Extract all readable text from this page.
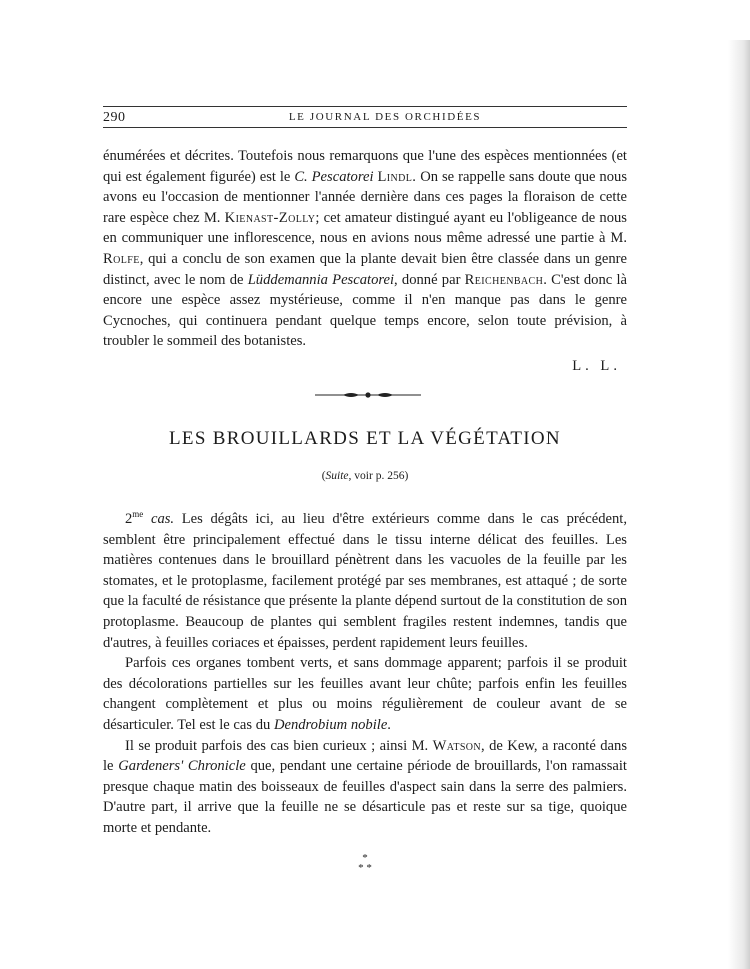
290	LE JOURNAL DES ORCHIDÉES

énumérées et décrites. Toutefois nous remarquons que l'une des espèces mentionnées (et qui est également figurée) est le C. Pescatorei Lindl. On se rappelle sans doute que nous avons eu l'occasion de mentionner l'année dernière dans ces pages la floraison de cette rare espèce chez M. Kienast-Zolly; cet amateur distingué ayant eu l'obligeance de nous en communiquer une inflorescence, nous en avions nous même adressé une partie à M. Rolfe, qui a conclu de son examen que la plante devait bien être classée dans un genre distinct, avec le nom de Lüddemannia Pescatorei, donné par Reichenbach. C'est donc là encore une espèce assez mystérieuse, comme il n'en manque pas dans le genre Cycnoches, qui continuera pendant quelque temps encore, selon toute prévision, à troubler le sommeil des botanistes.

L. L.
LES BROUILLARDS ET LA VÉGÉTATION
(Suite, voir p. 256)

$2^{me}$ cas. Les dégâts ici, au lieu d'être extérieurs comme dans le cas précédent, semblent être principalement effectué dans le tissu interne délicat des feuilles. Les matières contenues dans le brouillard pénètrent dans les vacuoles de la feuille par les stomates, et le protoplasme, facilement protégé par ses membranes, est attaqué ; de sorte que la faculté de résistance que présente la plante dépend surtout de la constitution de son protoplasme. Beaucoup de plantes qui semblent fragiles restent indemnes, tandis que d'autres, à feuilles coriaces et épaisses, perdent rapidement leurs feuilles.

Parfois ces organes tombent verts, et sans dommage apparent; parfois il se produit des décolorations partielles sur les feuilles avant leur chûte; parfois enfin les feuilles changent complètement et plus ou moins régulièrement de couleur avant de se désarticuler. Tel est le cas du Dendrobium nobile.

Il se produit parfois des cas bien curieux ; ainsi M. Watson, de Kew, a raconté dans le Gardeners' Chronicle que, pendant une certaine période de brouillards, l'on ramassait presque chaque matin des boisseaux de feuilles d'aspect sain dans la serre des palmiers. D'autre part, il arrive que la feuille ne se désarticule pas et reste sur sa tige, quoique morte et pendante.

*
* *
